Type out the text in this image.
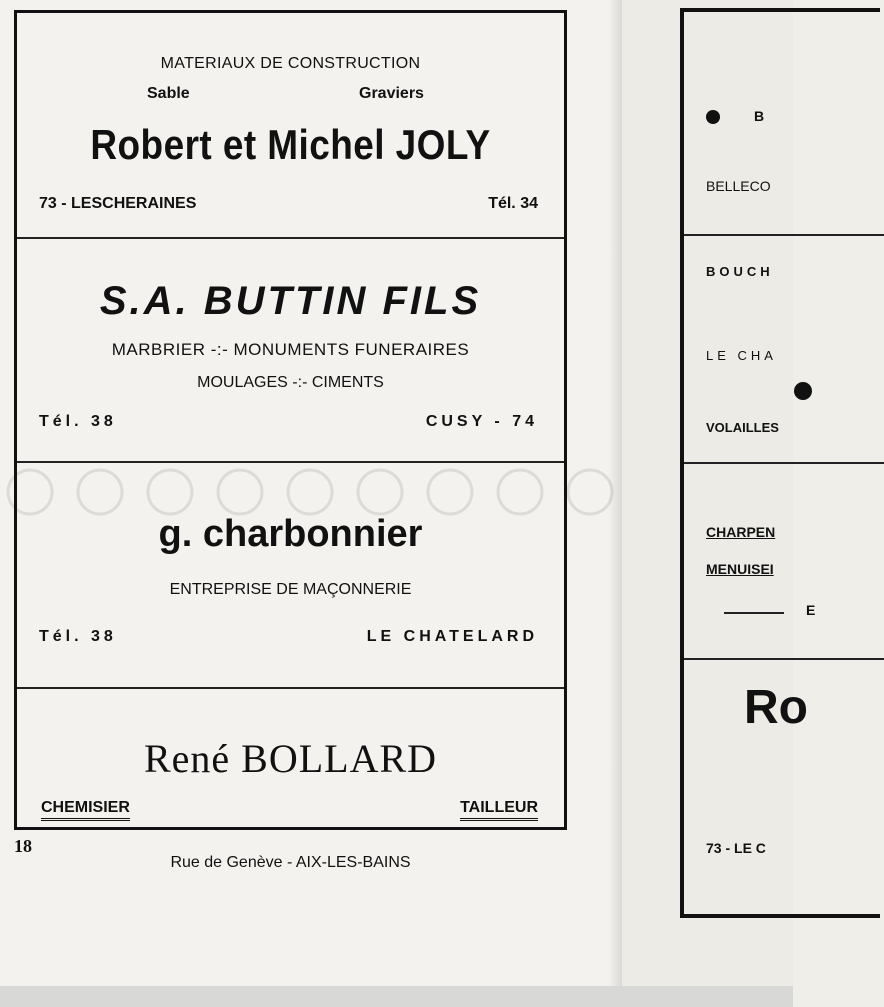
MATERIAUX DE CONSTRUCTION
Sable	Graviers
Robert et Michel JOLY
73 - LESCHERAINES	Tél. 34
S.A. BUTTIN FILS
MARBRIER -:- MONUMENTS FUNERAIRES
MOULAGES -:- CIMENTS
Tél. 38	CUSY - 74
g. charbonnier
ENTREPRISE DE MAÇONNERIE
Tél. 38	LE CHATELARD
René BOLLARD
CHEMISIER	TAILLEUR
Rue de Genève - AIX-LES-BAINS
18
B
BELLECO
BOUCH
LE CHA
VOLAILLES
CHARPEN
MENUISEI
E
Ro
73 - LE C
